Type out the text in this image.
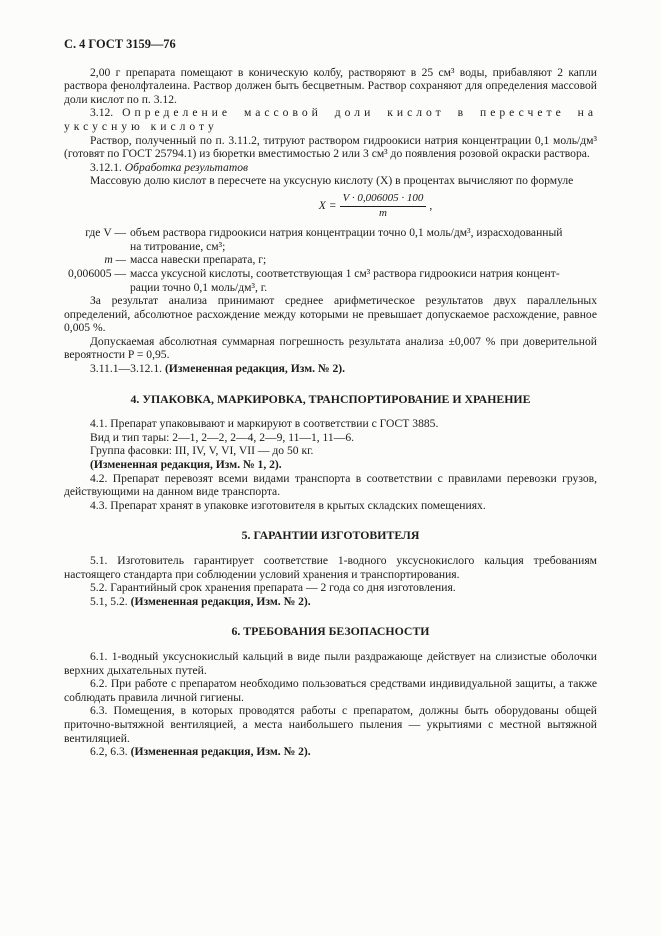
С. 4 ГОСТ 3159—76

2,00 г препарата помещают в коническую колбу, растворяют в 25 см³ воды, прибавляют 2 капли раствора фенолфталеина. Раствор должен быть бесцветным. Раствор сохраняют для определения массовой доли кислот по п. 3.12.

3.12. Определение массовой доли кислот в пересчете на уксусную кислоту

Раствор, полученный по п. 3.11.2, титруют раствором гидроокиси натрия концентрации 0,1 моль/дм³ (готовят по ГОСТ 25794.1) из бюретки вместимостью 2 или 3 см³ до появления розовой окраски раствора.

3.12.1. Обработка результатов

Массовую долю кислот в пересчете на уксусную кислоту (X) в процентах вычисляют по формуле

$X = \frac{V \cdot 0,006005 \cdot 100}{m}$ ,
где V — объем раствора гидроокиси натрия концентрации точно 0,1 моль/дм³, израсходованный
на титрование, см³;
m — масса навески препарата, г;
0,006005 — масса уксусной кислоты, соответствующая 1 см³ раствора гидроокиси натрия концент-
рации точно 0,1 моль/дм³, г.

За результат анализа принимают среднее арифметическое результатов двух параллельных определений, абсолютное расхождение между которыми не превышает допускаемое расхождение, равное 0,005 %.

Допускаемая абсолютная суммарная погрешность результата анализа ±0,007 % при доверительной вероятности P = 0,95.

3.11.1—3.12.1. (Измененная редакция, Изм. № 2).

4. УПАКОВКА, МАРКИРОВКА, ТРАНСПОРТИРОВАНИЕ И ХРАНЕНИЕ

4.1. Препарат упаковывают и маркируют в соответствии с ГОСТ 3885.

Вид и тип тары: 2—1, 2—2, 2—4, 2—9, 11—1, 11—6.

Группа фасовки: III, IV, V, VI, VII — до 50 кг.

(Измененная редакция, Изм. № 1, 2).

4.2. Препарат перевозят всеми видами транспорта в соответствии с правилами перевозки грузов, действующими на данном виде транспорта.

4.3. Препарат хранят в упаковке изготовителя в крытых складских помещениях.

5. ГАРАНТИИ ИЗГОТОВИТЕЛЯ

5.1. Изготовитель гарантирует соответствие 1-водного уксуснокислого кальция требованиям настоящего стандарта при соблюдении условий хранения и транспортирования.

5.2. Гарантийный срок хранения препарата — 2 года со дня изготовления.

5.1, 5.2. (Измененная редакция, Изм. № 2).

6. ТРЕБОВАНИЯ БЕЗОПАСНОСТИ

6.1. 1-водный уксуснокислый кальций в виде пыли раздражающе действует на слизистые оболочки верхних дыхательных путей.

6.2. При работе с препаратом необходимо пользоваться средствами индивидуальной защиты, а также соблюдать правила личной гигиены.

6.3. Помещения, в которых проводятся работы с препаратом, должны быть оборудованы общей приточно-вытяжной вентиляцией, а места наибольшего пыления — укрытиями с местной вытяжной вентиляцией.

6.2, 6.3. (Измененная редакция, Изм. № 2).
